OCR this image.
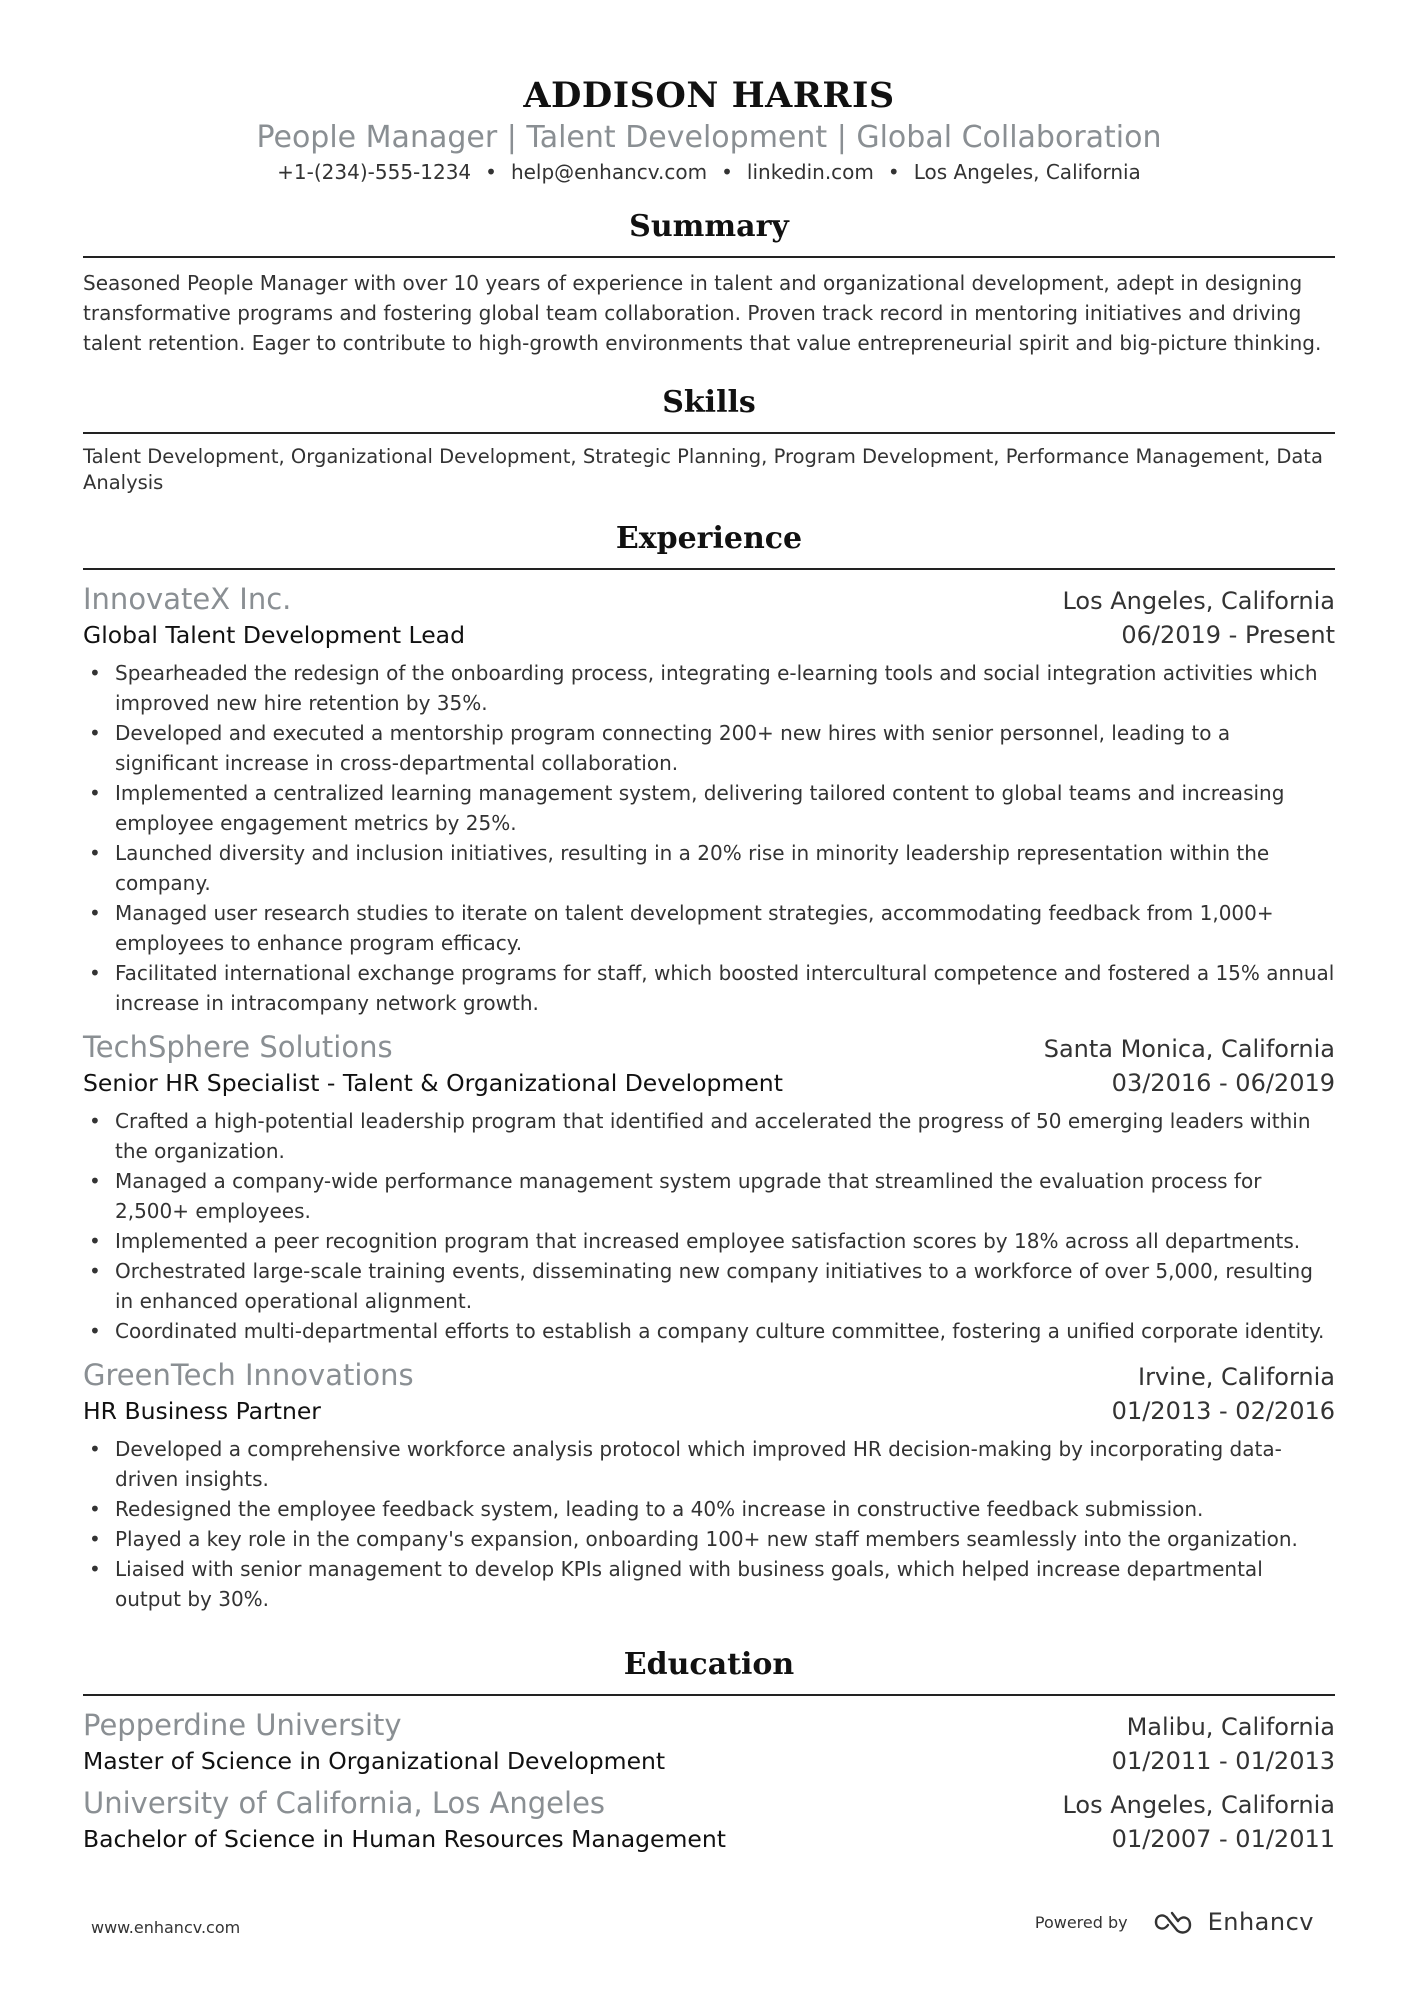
ADDISON HARRIS
People Manager | Talent Development | Global Collaboration
+1-(234)-555-1234 • help@enhancv.com • linkedin.com • Los Angeles, California
Summary
Seasoned People Manager with over 10 years of experience in talent and organizational development, adept in designing transformative programs and fostering global team collaboration. Proven track record in mentoring initiatives and driving talent retention. Eager to contribute to high-growth environments that value entrepreneurial spirit and big-picture thinking.
Skills
Talent Development, Organizational Development, Strategic Planning, Program Development, Performance Management, Data Analysis
Experience
InnovateX Inc.	Los Angeles, California
Global Talent Development Lead	06/2019 - Present
• Spearheaded the redesign of the onboarding process, integrating e-learning tools and social integration activities which improved new hire retention by 35%.
• Developed and executed a mentorship program connecting 200+ new hires with senior personnel, leading to a significant increase in cross-departmental collaboration.
• Implemented a centralized learning management system, delivering tailored content to global teams and increasing employee engagement metrics by 25%.
• Launched diversity and inclusion initiatives, resulting in a 20% rise in minority leadership representation within the company.
• Managed user research studies to iterate on talent development strategies, accommodating feedback from 1,000+ employees to enhance program efficacy.
• Facilitated international exchange programs for staff, which boosted intercultural competence and fostered a 15% annual increase in intracompany network growth.
TechSphere Solutions	Santa Monica, California
Senior HR Specialist - Talent & Organizational Development	03/2016 - 06/2019
• Crafted a high-potential leadership program that identified and accelerated the progress of 50 emerging leaders within the organization.
• Managed a company-wide performance management system upgrade that streamlined the evaluation process for 2,500+ employees.
• Implemented a peer recognition program that increased employee satisfaction scores by 18% across all departments.
• Orchestrated large-scale training events, disseminating new company initiatives to a workforce of over 5,000, resulting in enhanced operational alignment.
• Coordinated multi-departmental efforts to establish a company culture committee, fostering a unified corporate identity.
GreenTech Innovations	Irvine, California
HR Business Partner	01/2013 - 02/2016
• Developed a comprehensive workforce analysis protocol which improved HR decision-making by incorporating data-driven insights.
• Redesigned the employee feedback system, leading to a 40% increase in constructive feedback submission.
• Played a key role in the company's expansion, onboarding 100+ new staff members seamlessly into the organization.
• Liaised with senior management to develop KPIs aligned with business goals, which helped increase departmental output by 30%.
Education
Pepperdine University	Malibu, California
Master of Science in Organizational Development	01/2011 - 01/2013
University of California, Los Angeles	Los Angeles, California
Bachelor of Science in Human Resources Management	01/2007 - 01/2011
www.enhancv.com	Powered by	Enhancv
